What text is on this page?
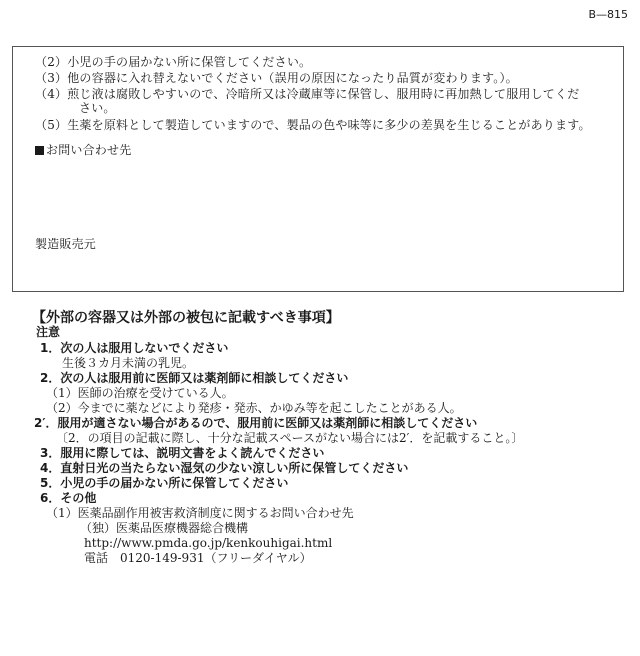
B—815
（2）小児の手の届かない所に保管してください。
（3）他の容器に入れ替えないでください（誤用の原因になったり品質が変わります。）。
（4）煎じ液は腐敗しやすいので、冷暗所又は冷蔵庫等に保管し、服用時に再加熱して服用してくだ
さい。
（5）生薬を原料として製造していますので、製品の色や味等に多少の差異を生じることがあります。
お問い合わせ先
製造販売元
【外部の容器又は外部の被包に記載すべき事項】
注意
1．次の人は服用しないでください
生後３カ月未満の乳児。
2．次の人は服用前に医師又は薬剤師に相談してください
（1）医師の治療を受けている人。
（2）今までに薬などにより発疹・発赤、かゆみ等を起こしたことがある人。
2′．服用が適さない場合があるので、服用前に医師又は薬剤師に相談してください
〔2．の項目の記載に際し、十分な記載スペースがない場合には2′．を記載すること。〕
3．服用に際しては、説明文書をよく読んでください
4．直射日光の当たらない湿気の少ない涼しい所に保管してください
5．小児の手の届かない所に保管してください
6．その他
（1）医薬品副作用被害救済制度に関するお問い合わせ先
（独）医薬品医療機器総合機構
http://www.pmda.go.jp/kenkouhigai.html
電話　0120-149-931（フリーダイヤル）
